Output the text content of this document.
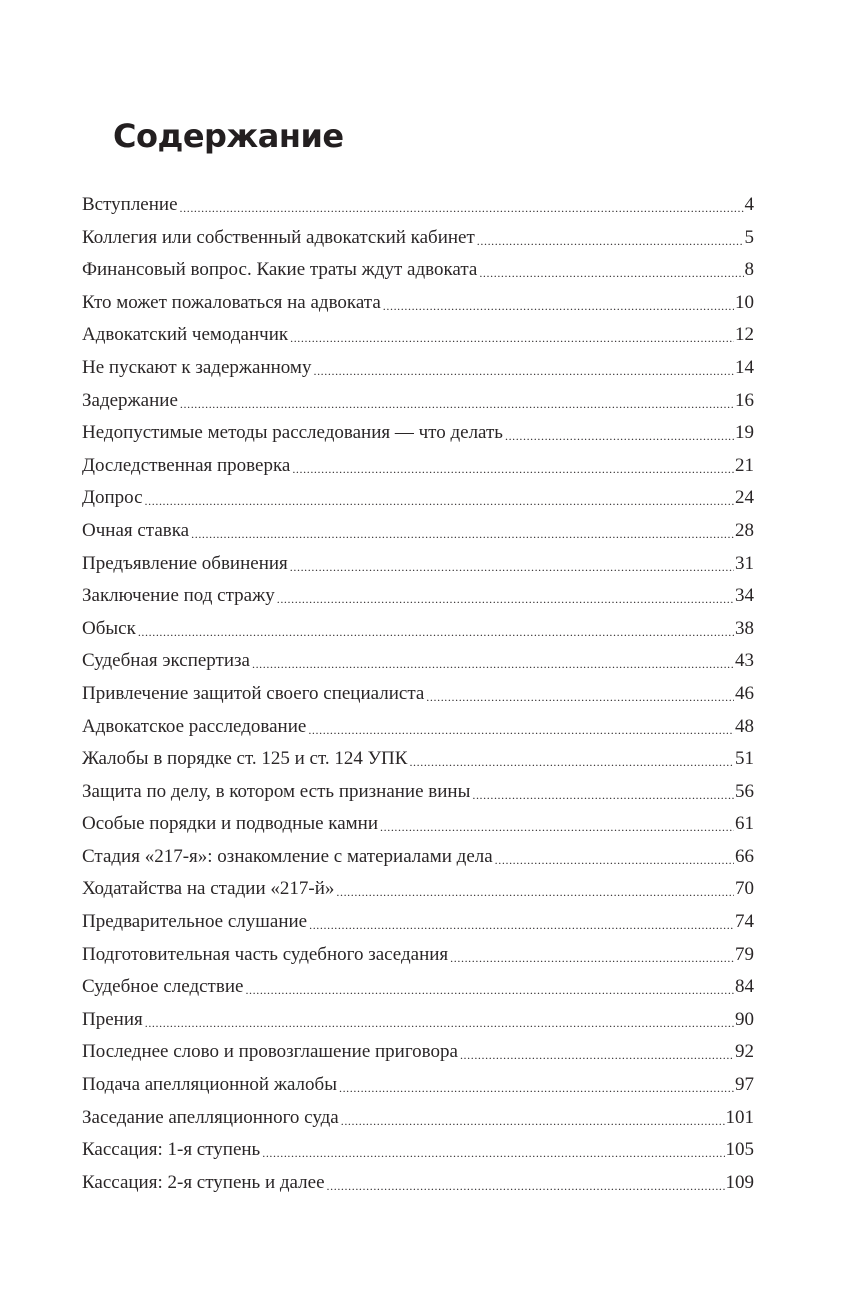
Содержание
Вступление .....	4
Коллегия или собственный адвокатский кабинет .....	5
Финансовый вопрос. Какие траты ждут адвоката .....	8
Кто может пожаловаться на адвоката .....	10
Адвокатский чемоданчик .....	12
Не пускают к задержанному .....	14
Задержание .....	16
Недопустимые методы расследования — что делать .....	19
Доследственная проверка .....	21
Допрос .....	24
Очная ставка .....	28
Предъявление обвинения .....	31
Заключение под стражу .....	34
Обыск .....	38
Судебная экспертиза .....	43
Привлечение защитой своего специалиста .....	46
Адвокатское расследование .....	48
Жалобы в порядке ст. 125 и ст. 124 УПК .....	51
Защита по делу, в котором есть признание вины .....	56
Особые порядки и подводные камни .....	61
Стадия «217-я»: ознакомление с материалами дела .....	66
Ходатайства на стадии «217-й» .....	70
Предварительное слушание .....	74
Подготовительная часть судебного заседания .....	79
Судебное следствие .....	84
Прения .....	90
Последнее слово и провозглашение приговора .....	92
Подача апелляционной жалобы .....	97
Заседание апелляционного суда .....	101
Кассация: 1-я ступень .....	105
Кассация: 2-я ступень и далее .....	109
